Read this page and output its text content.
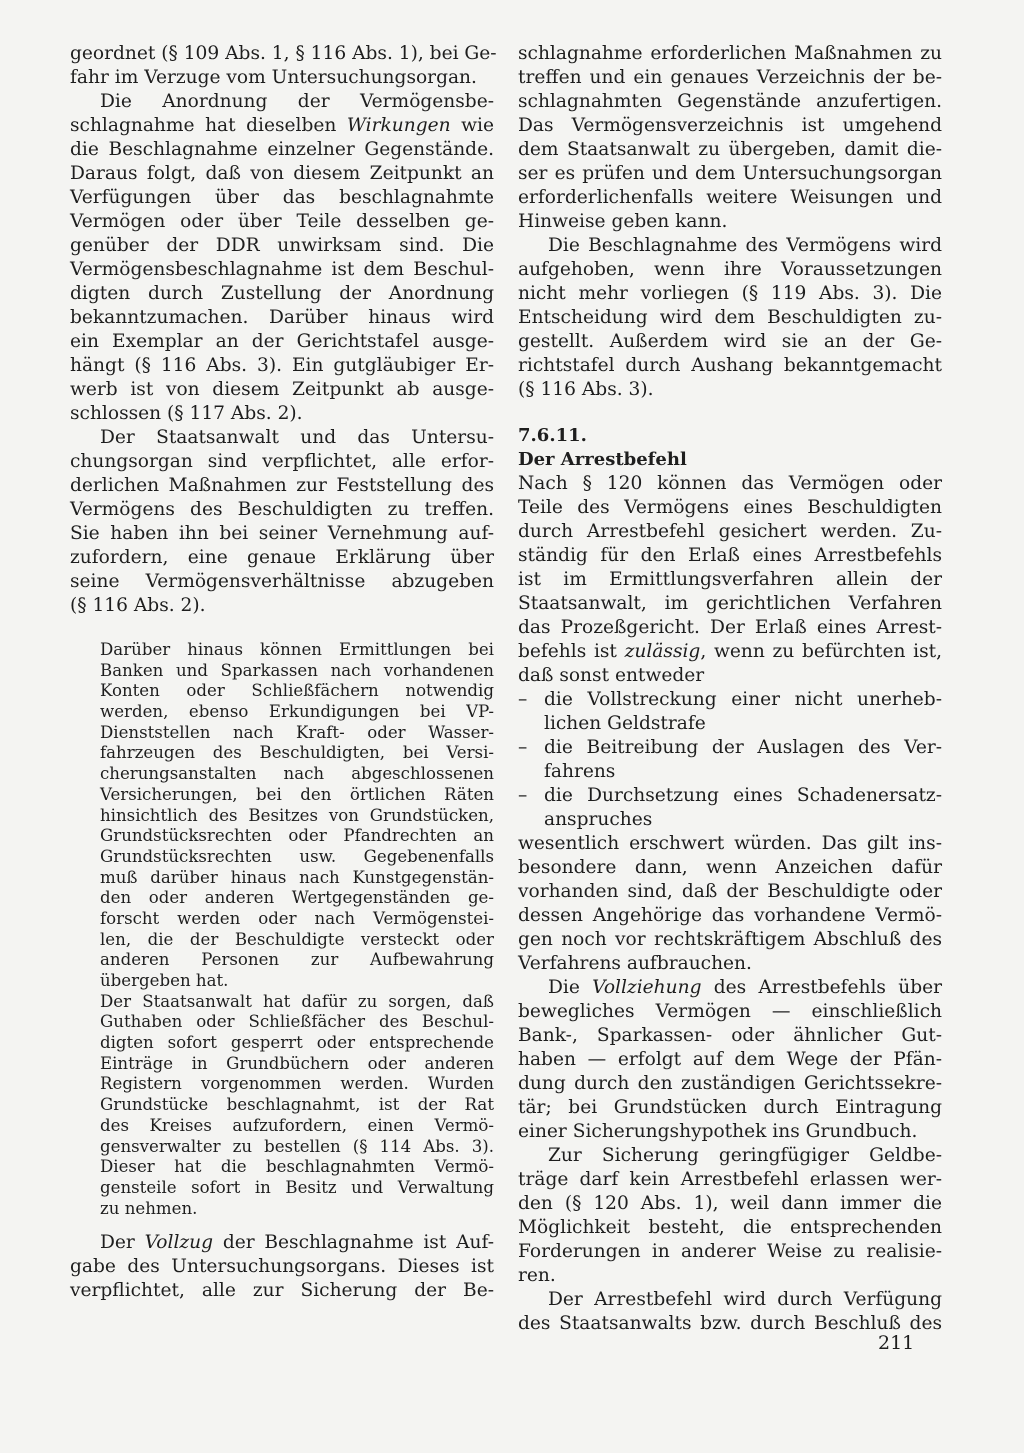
geordnet (§ 109 Abs. 1, § 116 Abs. 1), bei Ge-
fahr im Verzuge vom Untersuchungsorgan.
Die Anordnung der Vermögensbe-
schlagnahme hat dieselben Wirkungen wie
die Beschlagnahme einzelner Gegenstände.
Daraus folgt, daß von diesem Zeitpunkt an
Verfügungen über das beschlagnahmte
Vermögen oder über Teile desselben ge-
genüber der DDR unwirksam sind. Die
Vermögensbeschlagnahme ist dem Beschul-
digten durch Zustellung der Anordnung
bekanntzumachen. Darüber hinaus wird
ein Exemplar an der Gerichtstafel ausge-
hängt (§ 116 Abs. 3). Ein gutgläubiger Er-
werb ist von diesem Zeitpunkt ab ausge-
schlossen (§ 117 Abs. 2).
Der Staatsanwalt und das Untersu-
chungsorgan sind verpflichtet, alle erfor-
derlichen Maßnahmen zur Feststellung des
Vermögens des Beschuldigten zu treffen.
Sie haben ihn bei seiner Vernehmung auf-
zufordern, eine genaue Erklärung über
seine Vermögensverhältnisse abzugeben
(§ 116 Abs. 2).
Darüber hinaus können Ermittlungen bei
Banken und Sparkassen nach vorhandenen
Konten oder Schließfächern notwendig
werden, ebenso Erkundigungen bei VP-
Dienststellen nach Kraft- oder Wasser-
fahrzeugen des Beschuldigten, bei Versi-
cherungsanstalten nach abgeschlossenen
Versicherungen, bei den örtlichen Räten
hinsichtlich des Besitzes von Grundstücken,
Grundstücksrechten oder Pfandrechten an
Grundstücksrechten usw. Gegebenenfalls
muß darüber hinaus nach Kunstgegenstän-
den oder anderen Wertgegenständen ge-
forscht werden oder nach Vermögenstei-
len, die der Beschuldigte versteckt oder
anderen Personen zur Aufbewahrung
übergeben hat.
Der Staatsanwalt hat dafür zu sorgen, daß
Guthaben oder Schließfächer des Beschul-
digten sofort gesperrt oder entsprechende
Einträge in Grundbüchern oder anderen
Registern vorgenommen werden. Wurden
Grundstücke beschlagnahmt, ist der Rat
des Kreises aufzufordern, einen Vermö-
gensverwalter zu bestellen (§ 114 Abs. 3).
Dieser hat die beschlagnahmten Vermö-
gensteile sofort in Besitz und Verwaltung
zu nehmen.
Der Vollzug der Beschlagnahme ist Auf-
gabe des Untersuchungsorgans. Dieses ist
verpflichtet, alle zur Sicherung der Be-
schlagnahme erforderlichen Maßnahmen zu
treffen und ein genaues Verzeichnis der be-
schlagnahmten Gegenstände anzufertigen.
Das Vermögensverzeichnis ist umgehend
dem Staatsanwalt zu übergeben, damit die-
ser es prüfen und dem Untersuchungsorgan
erforderlichenfalls weitere Weisungen und
Hinweise geben kann.
Die Beschlagnahme des Vermögens wird
aufgehoben, wenn ihre Voraussetzungen
nicht mehr vorliegen (§ 119 Abs. 3). Die
Entscheidung wird dem Beschuldigten zu-
gestellt. Außerdem wird sie an der Ge-
richtstafel durch Aushang bekanntgemacht
(§ 116 Abs. 3).
7.6.11.
Der Arrestbefehl
Nach § 120 können das Vermögen oder
Teile des Vermögens eines Beschuldigten
durch Arrestbefehl gesichert werden. Zu-
ständig für den Erlaß eines Arrestbefehls
ist im Ermittlungsverfahren allein der
Staatsanwalt, im gerichtlichen Verfahren
das Prozeßgericht. Der Erlaß eines Arrest-
befehls ist zulässig, wenn zu befürchten ist,
daß sonst entweder
– die Vollstreckung einer nicht unerheb-
lichen Geldstrafe
– die Beitreibung der Auslagen des Ver-
fahrens
– die Durchsetzung eines Schadenersatz-
anspruches
wesentlich erschwert würden. Das gilt ins-
besondere dann, wenn Anzeichen dafür
vorhanden sind, daß der Beschuldigte oder
dessen Angehörige das vorhandene Vermö-
gen noch vor rechtskräftigem Abschluß des
Verfahrens aufbrauchen.
Die Vollziehung des Arrestbefehls über
bewegliches Vermögen — einschließlich
Bank-, Sparkassen- oder ähnlicher Gut-
haben — erfolgt auf dem Wege der Pfän-
dung durch den zuständigen Gerichtssekre-
tär; bei Grundstücken durch Eintragung
einer Sicherungshypothek ins Grundbuch.
Zur Sicherung geringfügiger Geldbe-
träge darf kein Arrestbefehl erlassen wer-
den (§ 120 Abs. 1), weil dann immer die
Möglichkeit besteht, die entsprechenden
Forderungen in anderer Weise zu realisie-
ren.
Der Arrestbefehl wird durch Verfügung
des Staatsanwalts bzw. durch Beschluß des
211
